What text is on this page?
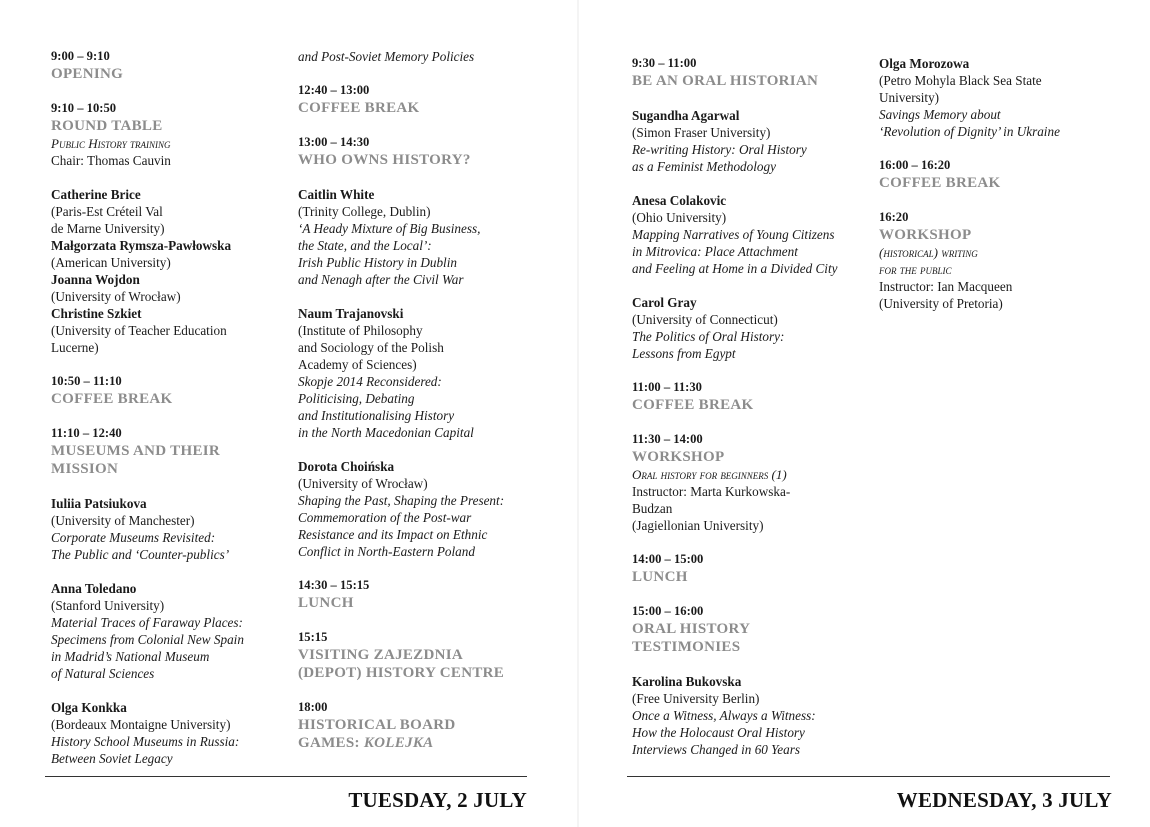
9:00 – 9:10
OPENING
9:10 – 10:50
ROUND TABLE
Public History training
Chair: Thomas Cauvin
Catherine Brice
(Paris-Est Créteil Val
de Marne University)
Małgorzata Rymsza-Pawłowska
(American University)
Joanna Wojdon
(University of Wrocław)
Christine Szkiet
(University of Teacher Education
Lucerne)
10:50 – 11:10
COFFEE BREAK
11:10 – 12:40
MUSEUMS AND THEIR
MISSION
Iuliia Patsiukova
(University of Manchester)
Corporate Museums Revisited:
The Public and ‘Counter-publics’
Anna Toledano
(Stanford University)
Material Traces of Faraway Places:
Specimens from Colonial New Spain
in Madrid’s National Museum
of Natural Sciences
Olga Konkka
(Bordeaux Montaigne University)
History School Museums in Russia:
Between Soviet Legacy
and Post-Soviet Memory Policies
12:40 – 13:00
COFFEE BREAK
13:00 – 14:30
WHO OWNS HISTORY?
Caitlin White
(Trinity College, Dublin)
‘A Heady Mixture of Big Business,
the State, and the Local’:
Irish Public History in Dublin
and Nenagh after the Civil War
Naum Trajanovski
(Institute of Philosophy
and Sociology of the Polish
Academy of Sciences)
Skopje 2014 Reconsidered:
Politicising, Debating
and Institutionalising History
in the North Macedonian Capital
Dorota Choińska
(University of Wrocław)
Shaping the Past, Shaping the Present:
Commemoration of the Post-war
Resistance and its Impact on Ethnic
Conflict in North-Eastern Poland
14:30 – 15:15
LUNCH
15:15
VISITING ZAJEZDNIA
(DEPOT) HISTORY CENTRE
18:00
HISTORICAL BOARD
GAMES: KOLEJKA
TUESDAY, 2 JULY
9:30 – 11:00
BE AN ORAL HISTORIAN
Sugandha Agarwal
(Simon Fraser University)
Re-writing History: Oral History
as a Feminist Methodology
Anesa Colakovic
(Ohio University)
Mapping Narratives of Young Citizens
in Mitrovica: Place Attachment
and Feeling at Home in a Divided City
Carol Gray
(University of Connecticut)
The Politics of Oral History:
Lessons from Egypt
11:00 – 11:30
COFFEE BREAK
11:30 – 14:00
WORKSHOP
Oral history for beginners (1)
Instructor: Marta Kurkowska-
Budzan
(Jagiellonian University)
14:00 – 15:00
LUNCH
15:00 – 16:00
ORAL HISTORY
TESTIMONIES
Karolina Bukovska
(Free University Berlin)
Once a Witness, Always a Witness:
How the Holocaust Oral History
Interviews Changed in 60 Years
Olga Morozowa
(Petro Mohyla Black Sea State
University)
Savings Memory about
‘Revolution of Dignity’ in Ukraine
16:00 – 16:20
COFFEE BREAK
16:20
WORKSHOP
(historical) writing
for the public
Instructor: Ian Macqueen
(University of Pretoria)
WEDNESDAY, 3 JULY
